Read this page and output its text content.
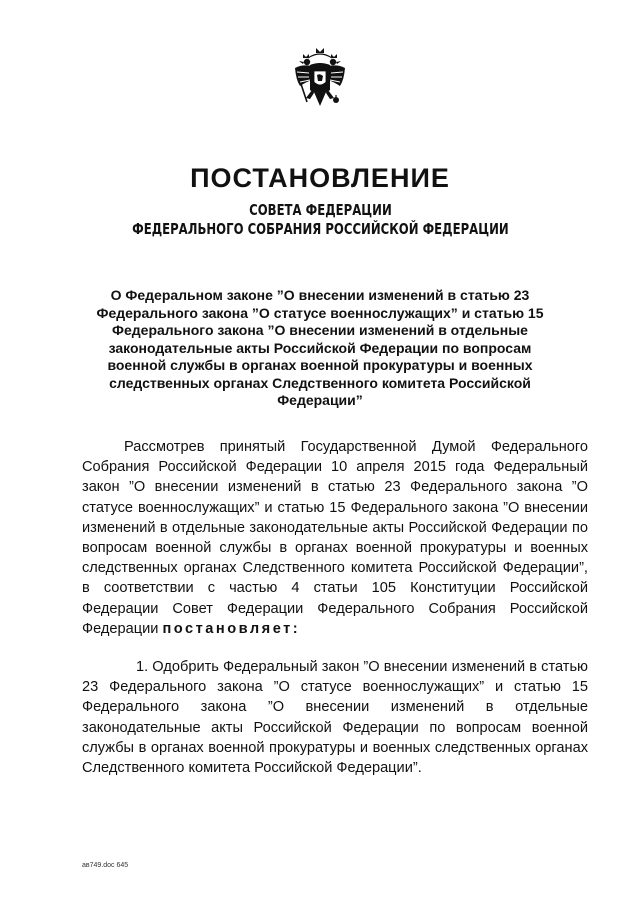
ПОСТАНОВЛЕНИЕ

СОВЕТА ФЕДЕРАЦИИ

ФЕДЕРАЛЬНОГО СОБРАНИЯ РОССИЙСКОЙ ФЕДЕРАЦИИ

О Федеральном законе ”О внесении изменений в статью 23 Федерального закона ”О статусе военнослужащих” и статью 15 Федерального закона ”О внесении изменений в отдельные законодательные акты Российской Федерации по вопросам военной службы в органах военной прокуратуры и военных следственных органах Следственного комитета Российской Федерации”

Рассмотрев принятый Государственной Думой Федерального Собрания Российской Федерации 10 апреля 2015 года Федеральный закон ”О внесении изменений в статью 23 Федерального закона ”О статусе военнослужащих” и статью 15 Федерального закона ”О внесении изменений в отдельные законодательные акты Российской Федерации по вопросам военной службы в органах военной прокуратуры и военных следственных органах Следственного комитета Российской Федерации”, в соответствии с частью 4 статьи 105 Конституции Российской Федерации Совет Федерации Федерального Собрания Российской Федерации постановляет:

1. Одобрить Федеральный закон ”О внесении изменений в статью 23 Федерального закона ”О статусе военнослужащих” и статью 15 Федерального закона ”О внесении изменений в отдельные законодательные акты Российской Федерации по вопросам военной службы в органах военной прокуратуры и военных следственных органах Следственного комитета Российской Федерации”.

ав749.doc 645
